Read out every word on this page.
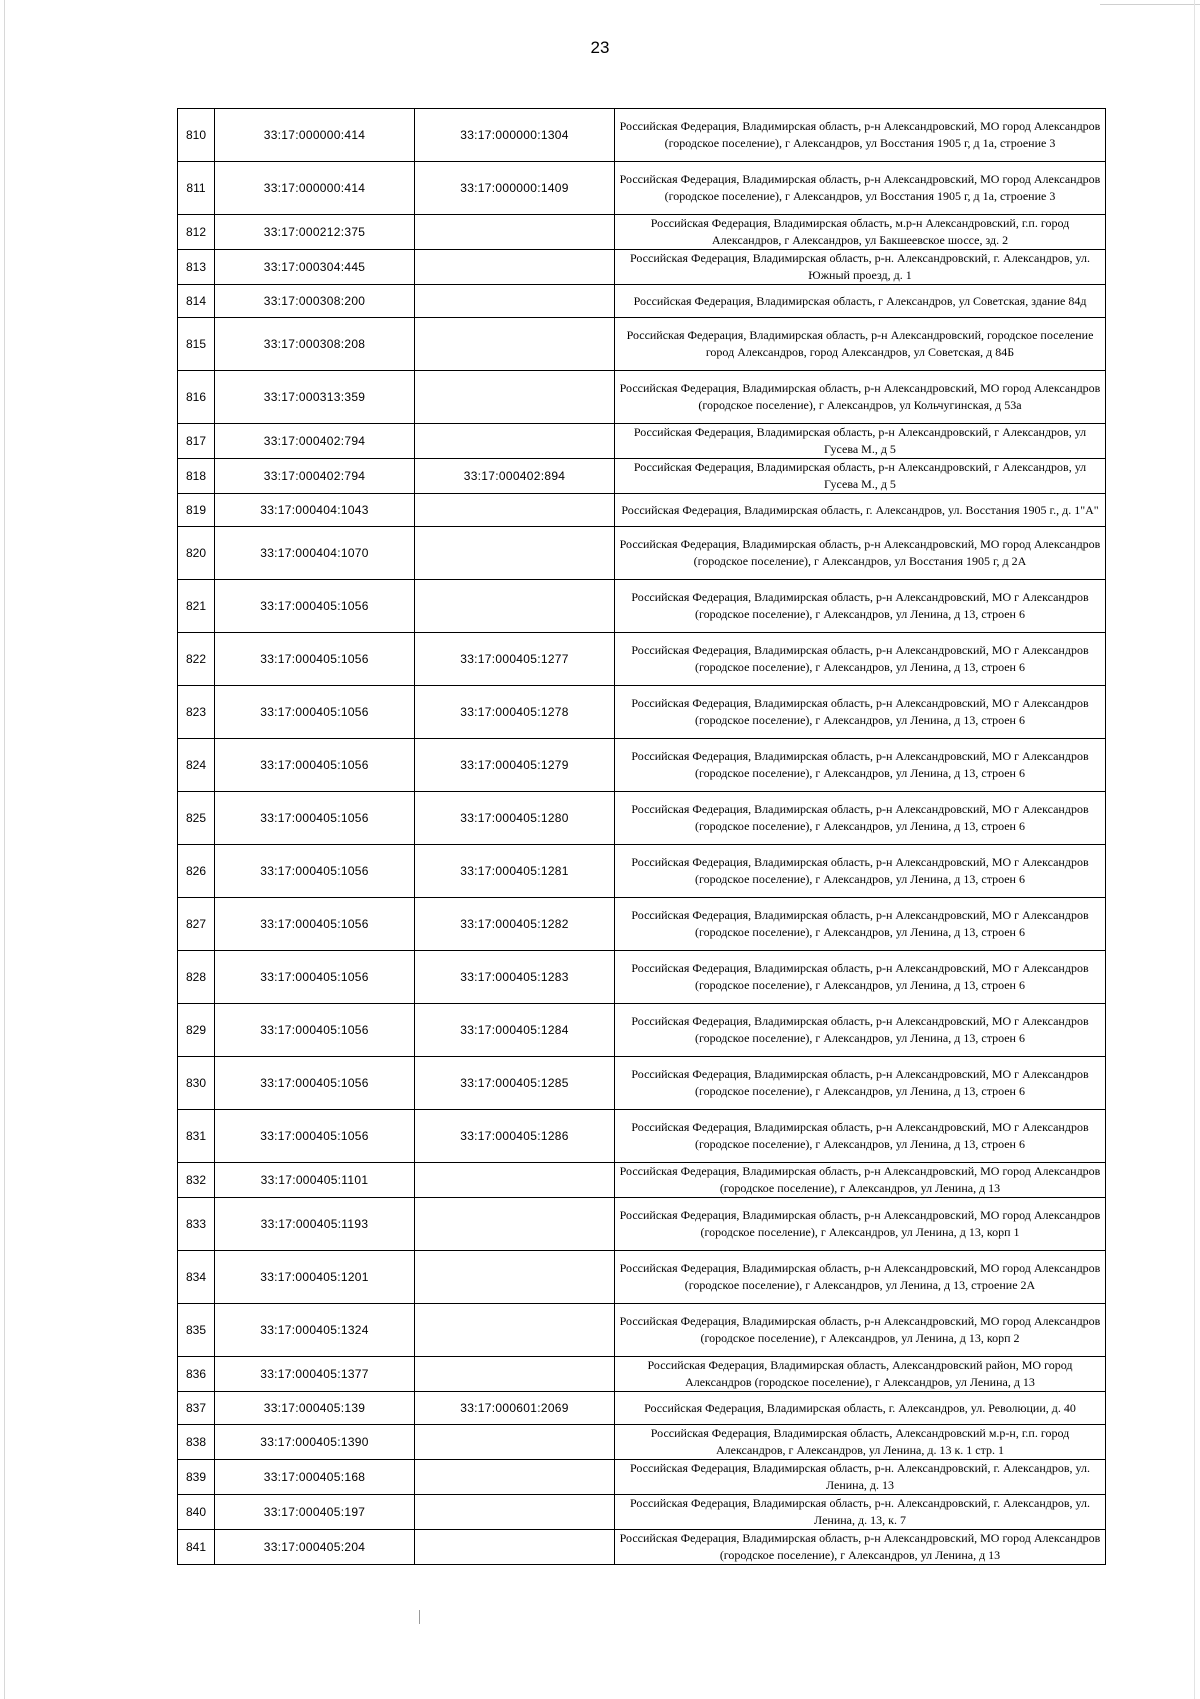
23
810	33:17:000000:414	33:17:000000:1304	Российская Федерация, Владимирская область, р-н Александровский, МО город Александров (городское поселение), г Александров, ул Восстания 1905 г, д 1а, строение 3
811	33:17:000000:414	33:17:000000:1409	Российская Федерация, Владимирская область, р-н Александровский, МО город Александров (городское поселение), г Александров, ул Восстания 1905 г, д 1а, строение 3
812	33:17:000212:375		Российская Федерация, Владимирская область, м.р-н Александровский, г.п. город Александров, г Александров, ул Бакшеевское шоссе, зд. 2
813	33:17:000304:445		Российская Федерация, Владимирская область, р-н. Александровский, г. Александров, ул. Южный проезд, д. 1
814	33:17:000308:200		Российская Федерация, Владимирская область, г Александров, ул Советская, здание 84д
815	33:17:000308:208		Российская Федерация, Владимирская область, р-н Александровский, городское поселение город Александров, город Александров, ул Советская, д 84Б
816	33:17:000313:359		Российская Федерация, Владимирская область, р-н Александровский, МО город Александров (городское поселение), г Александров, ул Кольчугинская, д 53а
817	33:17:000402:794		Российская Федерация, Владимирская область, р-н Александровский, г Александров, ул Гусева М., д 5
818	33:17:000402:794	33:17:000402:894	Российская Федерация, Владимирская область, р-н Александровский, г Александров, ул Гусева М., д 5
819	33:17:000404:1043		Российская Федерация, Владимирская область, г. Александров, ул. Восстания 1905 г., д. 1"А"
820	33:17:000404:1070		Российская Федерация, Владимирская область, р-н Александровский, МО город Александров (городское поселение), г Александров, ул Восстания 1905 г, д 2А
821	33:17:000405:1056		Российская Федерация, Владимирская область, р-н Александровский, МО г Александров (городское поселение), г Александров, ул Ленина, д 13, строен 6
822	33:17:000405:1056	33:17:000405:1277	Российская Федерация, Владимирская область, р-н Александровский, МО г Александров (городское поселение), г Александров, ул Ленина, д 13, строен 6
823	33:17:000405:1056	33:17:000405:1278	Российская Федерация, Владимирская область, р-н Александровский, МО г Александров (городское поселение), г Александров, ул Ленина, д 13, строен 6
824	33:17:000405:1056	33:17:000405:1279	Российская Федерация, Владимирская область, р-н Александровский, МО г Александров (городское поселение), г Александров, ул Ленина, д 13, строен 6
825	33:17:000405:1056	33:17:000405:1280	Российская Федерация, Владимирская область, р-н Александровский, МО г Александров (городское поселение), г Александров, ул Ленина, д 13, строен 6
826	33:17:000405:1056	33:17:000405:1281	Российская Федерация, Владимирская область, р-н Александровский, МО г Александров (городское поселение), г Александров, ул Ленина, д 13, строен 6
827	33:17:000405:1056	33:17:000405:1282	Российская Федерация, Владимирская область, р-н Александровский, МО г Александров (городское поселение), г Александров, ул Ленина, д 13, строен 6
828	33:17:000405:1056	33:17:000405:1283	Российская Федерация, Владимирская область, р-н Александровский, МО г Александров (городское поселение), г Александров, ул Ленина, д 13, строен 6
829	33:17:000405:1056	33:17:000405:1284	Российская Федерация, Владимирская область, р-н Александровский, МО г Александров (городское поселение), г Александров, ул Ленина, д 13, строен 6
830	33:17:000405:1056	33:17:000405:1285	Российская Федерация, Владимирская область, р-н Александровский, МО г Александров (городское поселение), г Александров, ул Ленина, д 13, строен 6
831	33:17:000405:1056	33:17:000405:1286	Российская Федерация, Владимирская область, р-н Александровский, МО г Александров (городское поселение), г Александров, ул Ленина, д 13, строен 6
832	33:17:000405:1101		Российская Федерация, Владимирская область, р-н Александровский, МО город Александров (городское поселение), г Александров, ул Ленина, д 13
833	33:17:000405:1193		Российская Федерация, Владимирская область, р-н Александровский, МО город Александров (городское поселение), г Александров, ул Ленина, д 13, корп 1
834	33:17:000405:1201		Российская Федерация, Владимирская область, р-н Александровский, МО город Александров (городское поселение), г Александров, ул Ленина, д 13, строение 2А
835	33:17:000405:1324		Российская Федерация, Владимирская область, р-н Александровский, МО город Александров (городское поселение), г Александров, ул Ленина, д 13, корп 2
836	33:17:000405:1377		Российская Федерация, Владимирская область, Александровский район, МО город Александров (городское поселение), г Александров, ул Ленина, д 13
837	33:17:000405:139	33:17:000601:2069	Российская Федерация, Владимирская область, г. Александров, ул. Революции, д. 40
838	33:17:000405:1390		Российская Федерация, Владимирская область, Александровский м.р-н, г.п. город Александров, г Александров, ул Ленина, д. 13 к. 1 стр. 1
839	33:17:000405:168		Российская Федерация, Владимирская область, р-н. Александровский, г. Александров, ул. Ленина, д. 13
840	33:17:000405:197		Российская Федерация, Владимирская область, р-н. Александровский, г. Александров, ул. Ленина, д. 13, к. 7
841	33:17:000405:204		Российская Федерация, Владимирская область, р-н Александровский, МО город Александров (городское поселение), г Александров, ул Ленина, д 13
